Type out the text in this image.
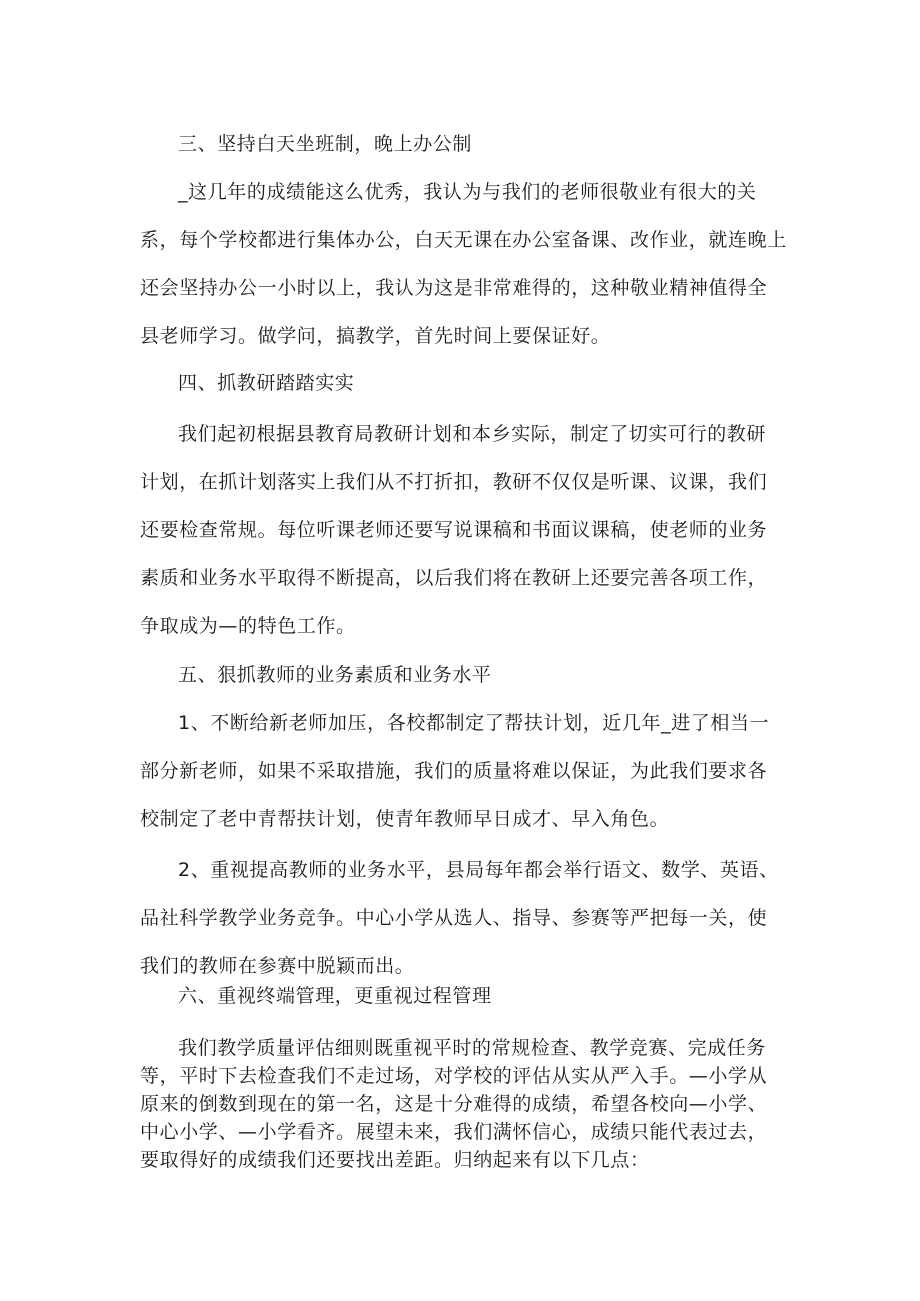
三、坚持白天坐班制，晚上办公制

_这几年的成绩能这么优秀，我认为与我们的老师很敬业有很大的关
系，每个学校都进行集体办公，白天无课在办公室备课、改作业，就连晚上
还会坚持办公一小时以上，我认为这是非常难得的，这种敬业精神值得全
县老师学习。做学问，搞教学，首先时间上要保证好。

四、抓教研踏踏实实

我们起初根据县教育局教研计划和本乡实际，制定了切实可行的教研
计划，在抓计划落实上我们从不打折扣，教研不仅仅是听课、议课，我们
还要检查常规。每位听课老师还要写说课稿和书面议课稿，使老师的业务
素质和业务水平取得不断提高，以后我们将在教研上还要完善各项工作，
争取成为—的特色工作。

五、狠抓教师的业务素质和业务水平

1、不断给新老师加压，各校都制定了帮扶计划，近几年_进了相当一
部分新老师，如果不采取措施，我们的质量将难以保证，为此我们要求各
校制定了老中青帮扶计划，使青年教师早日成才、早入角色。

2、重视提高教师的业务水平，县局每年都会举行语文、数学、英语、
品社科学教学业务竞争。中心小学从选人、指导、参赛等严把每一关，使
我们的教师在参赛中脱颖而出。

六、重视终端管理，更重视过程管理

我们教学质量评估细则既重视平时的常规检查、教学竞赛、完成任务
等，平时下去检查我们不走过场，对学校的评估从实从严入手。—小学从
原来的倒数到现在的第一名，这是十分难得的成绩，希望各校向—小学、
中心小学、—小学看齐。展望未来，我们满怀信心，成绩只能代表过去，
要取得好的成绩我们还要找出差距。归纳起来有以下几点：
